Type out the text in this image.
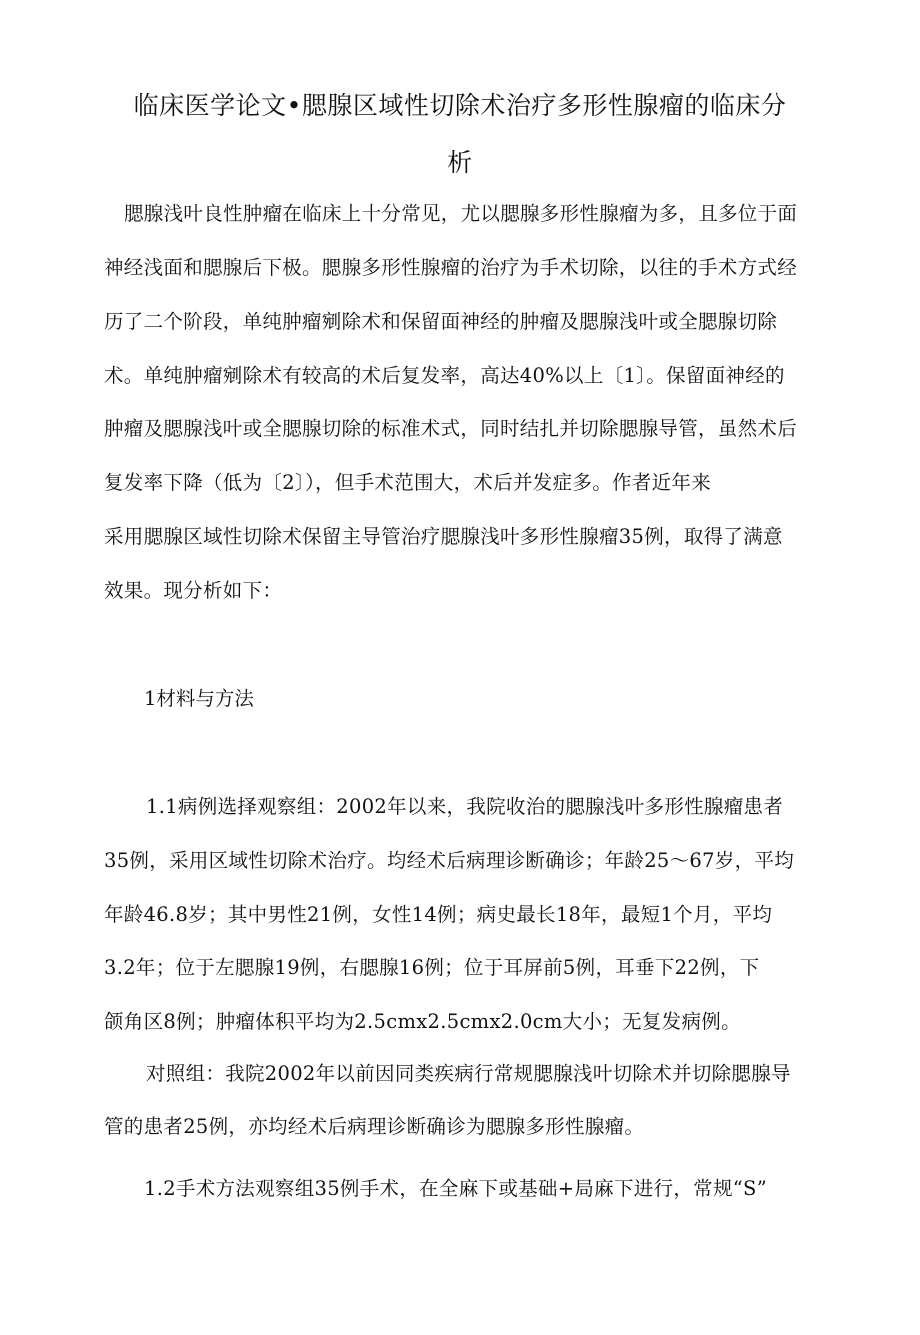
临床医学论文•腮腺区域性切除术治疗多形性腺瘤的临床分
析
腮腺浅叶良性肿瘤在临床上十分常见，尤以腮腺多形性腺瘤为多，且多位于面
神经浅面和腮腺后下极。腮腺多形性腺瘤的治疗为手术切除，以往的手术方式经
历了二个阶段，单纯肿瘤剜除术和保留面神经的肿瘤及腮腺浅叶或全腮腺切除
术。单纯肿瘤剜除术有较高的术后复发率，高达40%以上〔1〕。保留面神经的
肿瘤及腮腺浅叶或全腮腺切除的标准术式，同时结扎并切除腮腺导管，虽然术后
复发率下降（低为〔2〕），但手术范围大，术后并发症多。作者近年来
采用腮腺区域性切除术保留主导管治疗腮腺浅叶多形性腺瘤35例，取得了满意
效果。现分析如下：
1材料与方法
1.1病例选择观察组：2002年以来，我院收治的腮腺浅叶多形性腺瘤患者
35例，采用区域性切除术治疗。均经术后病理诊断确诊；年龄25〜67岁，平均
年龄46.8岁；其中男性21例，女性14例；病史最长18年，最短1个月，平均
3.2年；位于左腮腺19例，右腮腺16例；位于耳屏前5例，耳垂下22例，下
颌角区8例；肿瘤体积平均为2.5cmx2.5cmx2.0cm大小；无复发病例。
对照组：我院2002年以前因同类疾病行常规腮腺浅叶切除术并切除腮腺导
管的患者25例，亦均经术后病理诊断确诊为腮腺多形性腺瘤。
1.2手术方法观察组35例手术，在全麻下或基础+局麻下进行，常规“S”
